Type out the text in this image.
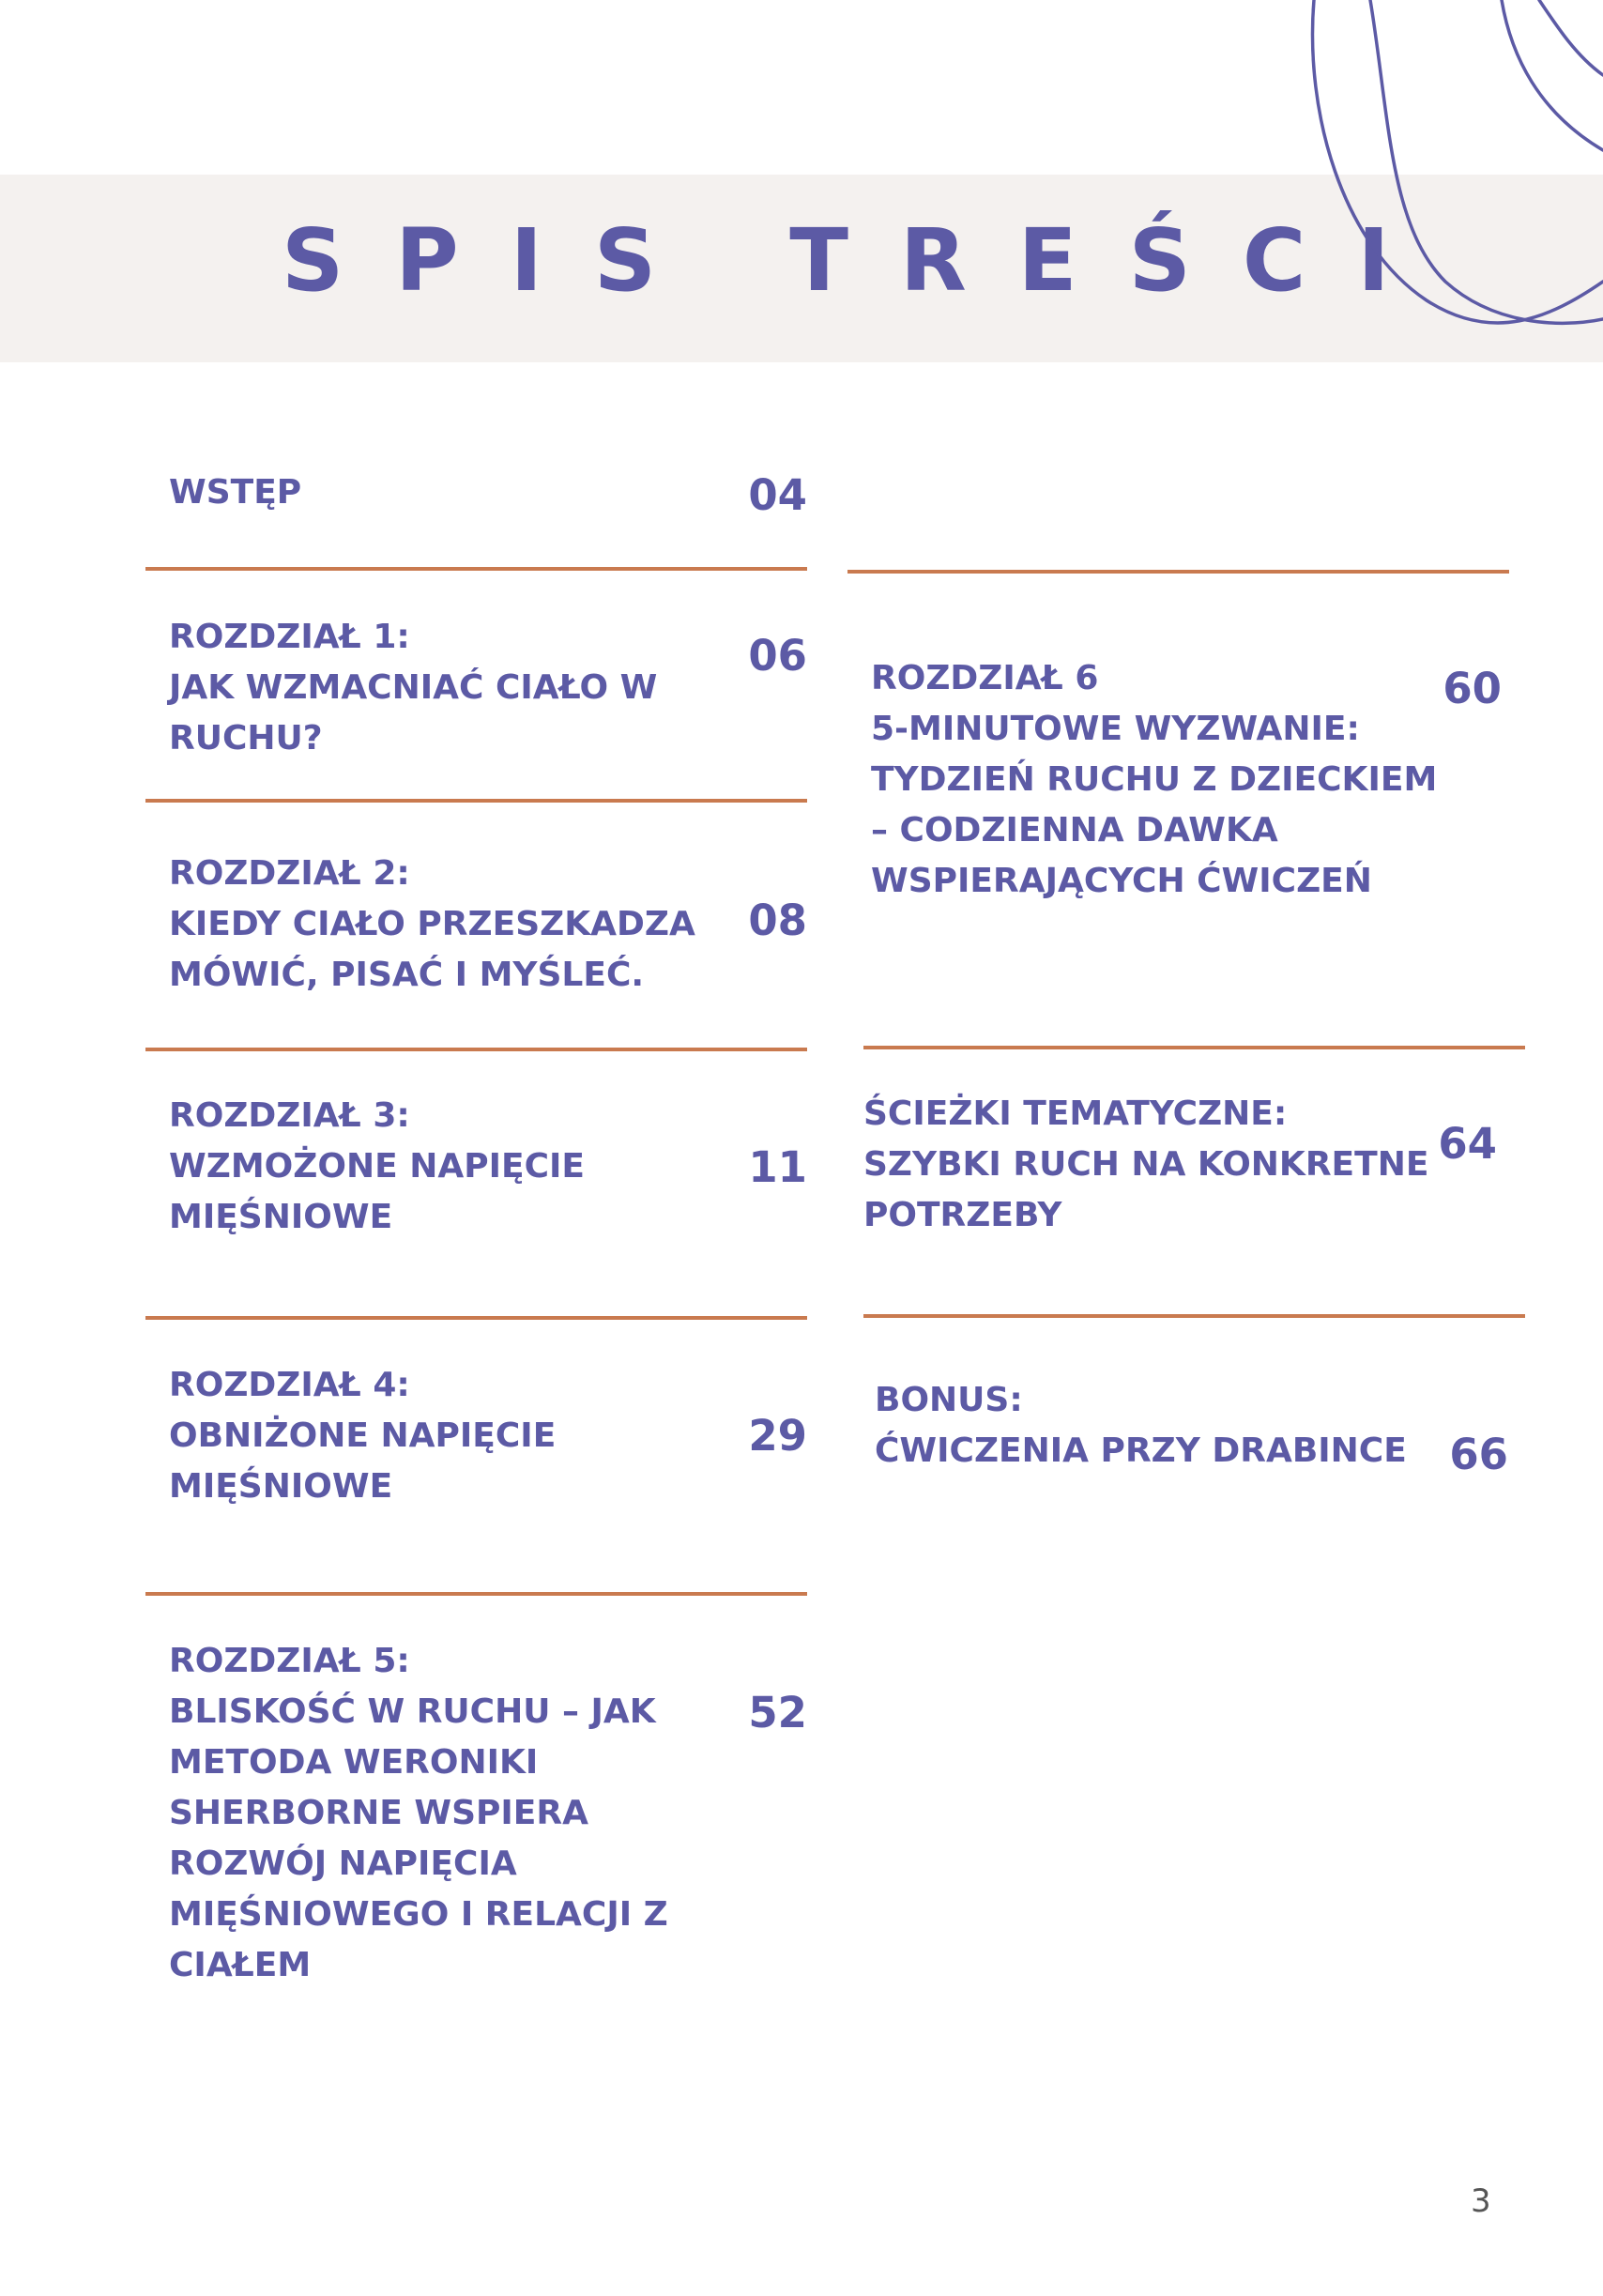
SPIS TREŚCI
WSTĘP	04
ROZDZIAŁ 1:
JAK WZMACNIAĆ CIAŁO W
RUCHU?
06
ROZDZIAŁ 2:
KIEDY CIAŁO PRZESZKADZA
MÓWIĆ, PISAĆ I MYŚLEĆ.
08
ROZDZIAŁ 3:
WZMOŻONE NAPIĘCIE
MIĘŚNIOWE
11
ROZDZIAŁ 4:
OBNIŻONE NAPIĘCIE
MIĘŚNIOWE
29
ROZDZIAŁ 5:
BLISKOŚĆ W RUCHU – JAK
METODA WERONIKI
SHERBORNE WSPIERA
ROZWÓJ NAPIĘCIA
MIĘŚNIOWEGO I RELACJI Z
CIAŁEM
52
ROZDZIAŁ 6
5-MINUTOWE WYZWANIE:
TYDZIEŃ RUCHU Z DZIECKIEM
– CODZIENNA DAWKA
WSPIERAJĄCYCH ĆWICZEŃ
60
ŚCIEŻKI TEMATYCZNE:
SZYBKI RUCH NA KONKRETNE
POTRZEBY
64
BONUS:
ĆWICZENIA PRZY DRABINCE	66
3
